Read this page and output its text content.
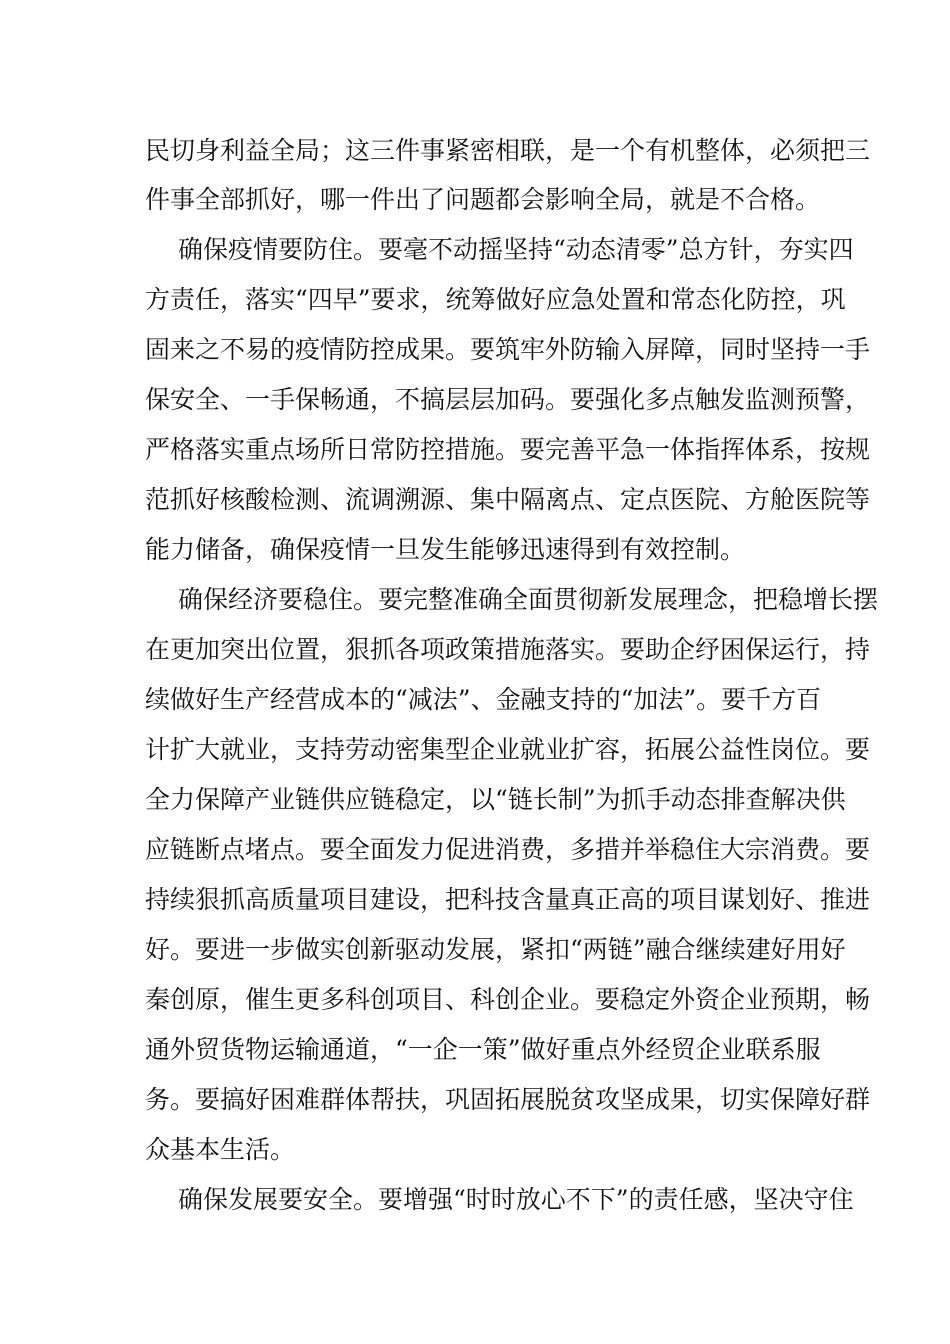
民切身利益全局；这三件事紧密相联，是一个有机整体，必须把三
件事全部抓好，哪一件出了问题都会影响全局，就是不合格。
确保疫情要防住。要毫不动摇坚持“动态清零”总方针，夯实四
方责任，落实“四早”要求，统筹做好应急处置和常态化防控，巩
固来之不易的疫情防控成果。要筑牢外防输入屏障，同时坚持一手
保安全、一手保畅通，不搞层层加码。要强化多点触发监测预警，
严格落实重点场所日常防控措施。要完善平急一体指挥体系，按规
范抓好核酸检测、流调溯源、集中隔离点、定点医院、方舱医院等
能力储备，确保疫情一旦发生能够迅速得到有效控制。
确保经济要稳住。要完整准确全面贯彻新发展理念，把稳增长摆
在更加突出位置，狠抓各项政策措施落实。要助企纾困保运行，持
续做好生产经营成本的“减法”、金融支持的“加法”。要千方百
计扩大就业，支持劳动密集型企业就业扩容，拓展公益性岗位。要
全力保障产业链供应链稳定，以“链长制”为抓手动态排查解决供
应链断点堵点。要全面发力促进消费，多措并举稳住大宗消费。要
持续狠抓高质量项目建设，把科技含量真正高的项目谋划好、推进
好。要进一步做实创新驱动发展，紧扣“两链”融合继续建好用好
秦创原，催生更多科创项目、科创企业。要稳定外资企业预期，畅
通外贸货物运输通道，“一企一策”做好重点外经贸企业联系服
务。要搞好困难群体帮扶，巩固拓展脱贫攻坚成果，切实保障好群
众基本生活。
确保发展要安全。要增强“时时放心不下”的责任感，坚决守住
